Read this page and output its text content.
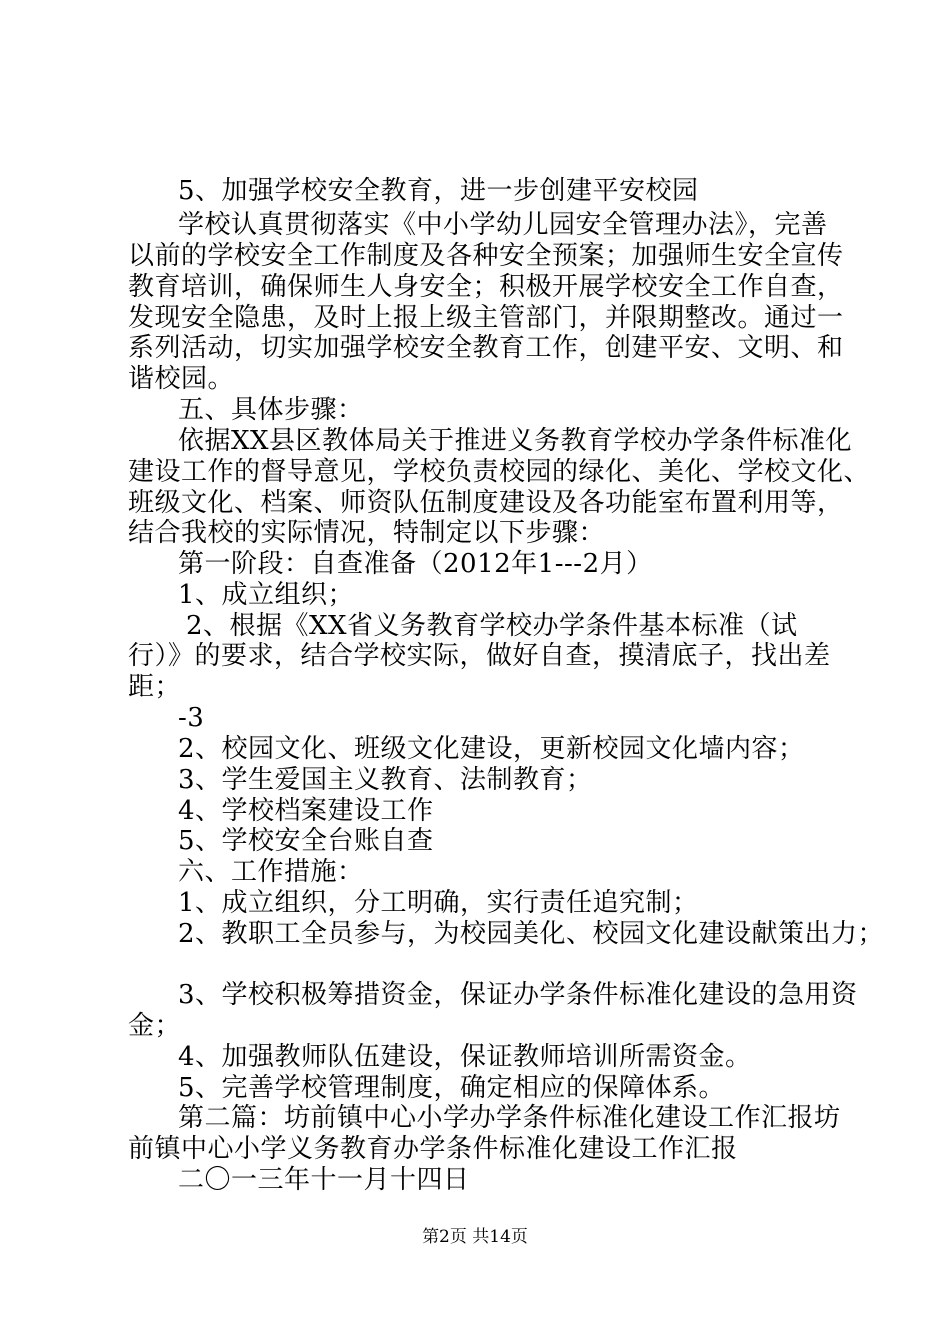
5、加强学校安全教育，进一步创建平安校园
学校认真贯彻落实《中小学幼儿园安全管理办法》，完善
以前的学校安全工作制度及各种安全预案；加强师生安全宣传
教育培训，确保师生人身安全；积极开展学校安全工作自查，
发现安全隐患，及时上报上级主管部门，并限期整改。通过一
系列活动，切实加强学校安全教育工作，创建平安、文明、和
谐校园。
五、具体步骤：
依据XX县区教体局关于推进义务教育学校办学条件标准化
建设工作的督导意见，学校负责校园的绿化、美化、学校文化、
班级文化、档案、师资队伍制度建设及各功能室布置利用等，
结合我校的实际情况，特制定以下步骤：
第一阶段：自查准备（2012年1---2月）
1、成立组织；
2、根据《XX省义务教育学校办学条件基本标准（试
行）》的要求，结合学校实际，做好自查，摸清底子，找出差
距；
-3
2、校园文化、班级文化建设，更新校园文化墙内容；
3、学生爱国主义教育、法制教育；
4、学校档案建设工作
5、学校安全台账自查
六、工作措施：
1、成立组织，分工明确，实行责任追究制；
2、教职工全员参与，为校园美化、校园文化建设献策出力；
3、学校积极筹措资金，保证办学条件标准化建设的急用资
金；
4、加强教师队伍建设，保证教师培训所需资金。
5、完善学校管理制度，确定相应的保障体系。
第二篇：坊前镇中心小学办学条件标准化建设工作汇报坊
前镇中心小学义务教育办学条件标准化建设工作汇报
二〇一三年十一月十四日
第2页 共14页
